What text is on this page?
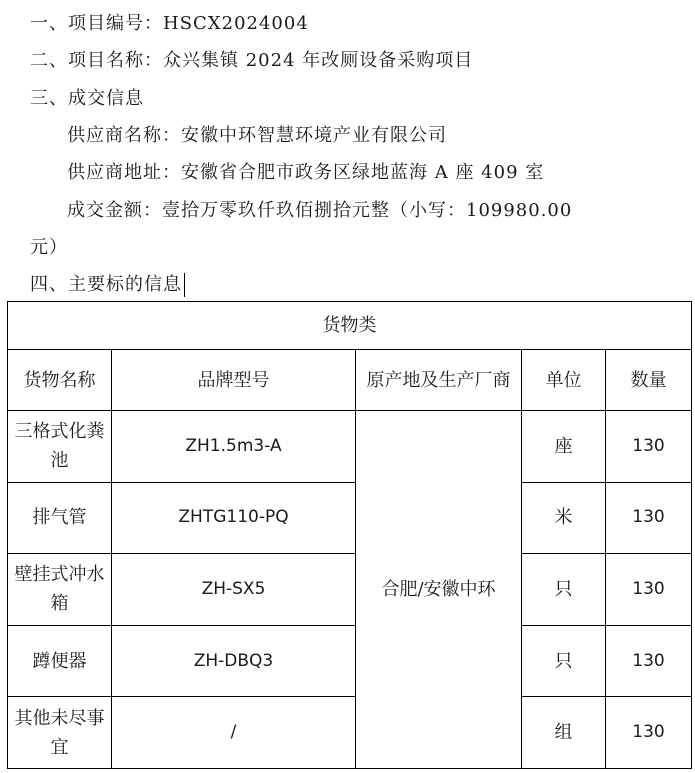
一、项目编号：HSCX2024004
二、项目名称：众兴集镇 2024 年改厕设备采购项目
三、成交信息
供应商名称：安徽中环智慧环境产业有限公司
供应商地址：安徽省合肥市政务区绿地蓝海 A 座 409 室
成交金额：壹拾万零玖仟玖佰捌拾元整（小写：109980.00
元）
四、主要标的信息
货物类				
货物名称	品牌型号	原产地及生产厂商	单位	数量
三格式化粪池	ZH1.5m3-A	合肥/安徽中环	座	130
排气管	ZHTG110-PQ		米	130
壁挂式冲水箱	ZH-SX5		只	130
蹲便器	ZH-DBQ3		只	130
其他未尽事宜	/		组	130
